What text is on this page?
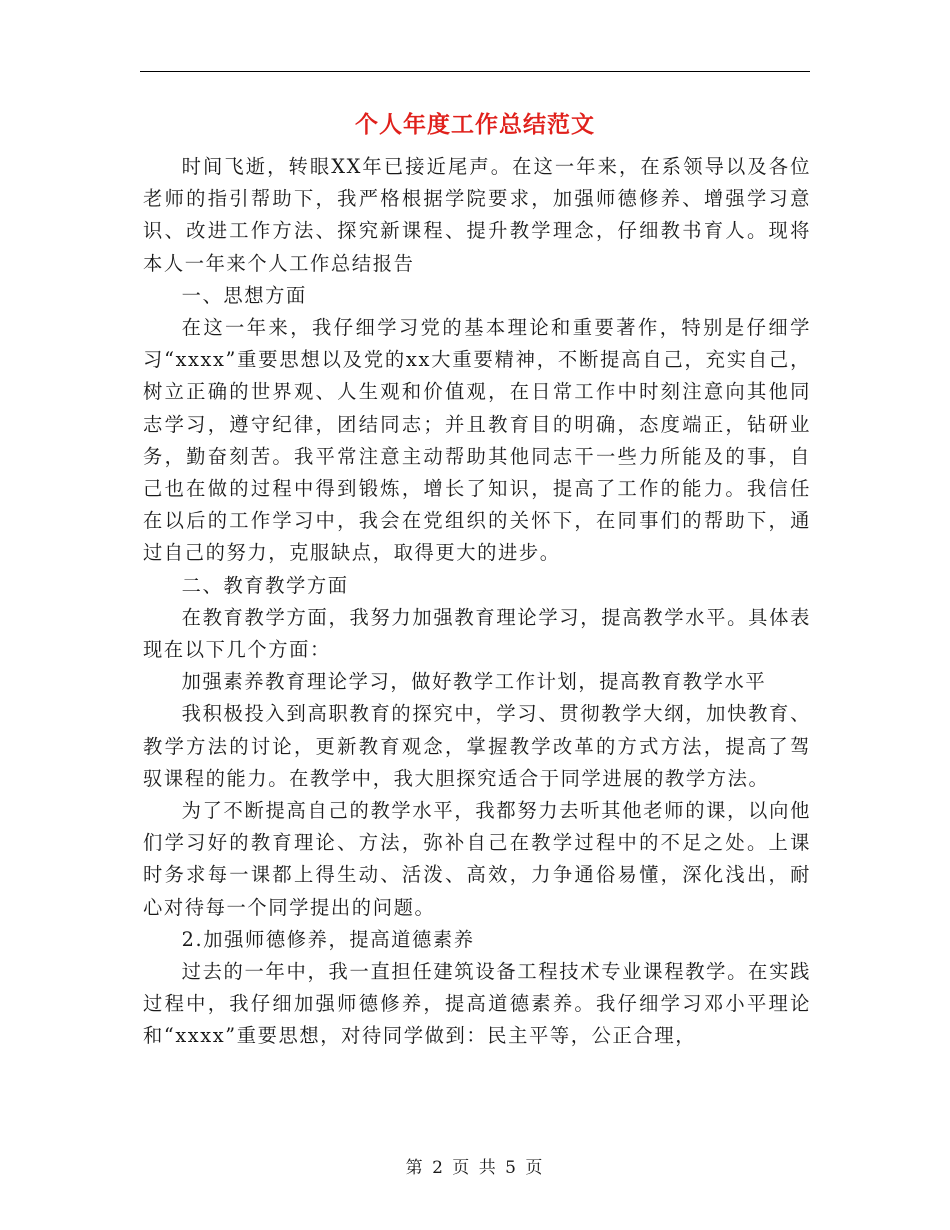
个人年度工作总结范文

时间飞逝，转眼XX年已接近尾声。在这一年来，在系领导以及各位老师的指引帮助下，我严格根据学院要求，加强师德修养、增强学习意识、改进工作方法、探究新课程、提升教学理念，仔细教书育人。现将本人一年来个人工作总结报告

一、思想方面

在这一年来，我仔细学习党的基本理论和重要著作，特别是仔细学习“xxxx”重要思想以及党的xx大重要精神，不断提高自己，充实自己，树立正确的世界观、人生观和价值观，在日常工作中时刻注意向其他同志学习，遵守纪律，团结同志；并且教育目的明确，态度端正，钻研业务，勤奋刻苦。我平常注意主动帮助其他同志干一些力所能及的事，自己也在做的过程中得到锻炼，增长了知识，提高了工作的能力。我信任在以后的工作学习中，我会在党组织的关怀下，在同事们的帮助下，通过自己的努力，克服缺点，取得更大的进步。

二、教育教学方面

在教育教学方面，我努力加强教育理论学习，提高教学水平。具体表现在以下几个方面：

加强素养教育理论学习，做好教学工作计划，提高教育教学水平

我积极投入到高职教育的探究中，学习、贯彻教学大纲，加快教育、教学方法的讨论，更新教育观念，掌握教学改革的方式方法，提高了驾驭课程的能力。在教学中，我大胆探究适合于同学进展的教学方法。

为了不断提高自己的教学水平，我都努力去听其他老师的课，以向他们学习好的教育理论、方法，弥补自己在教学过程中的不足之处。上课时务求每一课都上得生动、活泼、高效，力争通俗易懂，深化浅出，耐心对待每一个同学提出的问题。

2.加强师德修养，提高道德素养

过去的一年中，我一直担任建筑设备工程技术专业课程教学。在实践过程中，我仔细加强师德修养，提高道德素养。我仔细学习邓小平理论和“xxxx”重要思想，对待同学做到：民主平等，公正合理，

第 2 页 共 5 页
